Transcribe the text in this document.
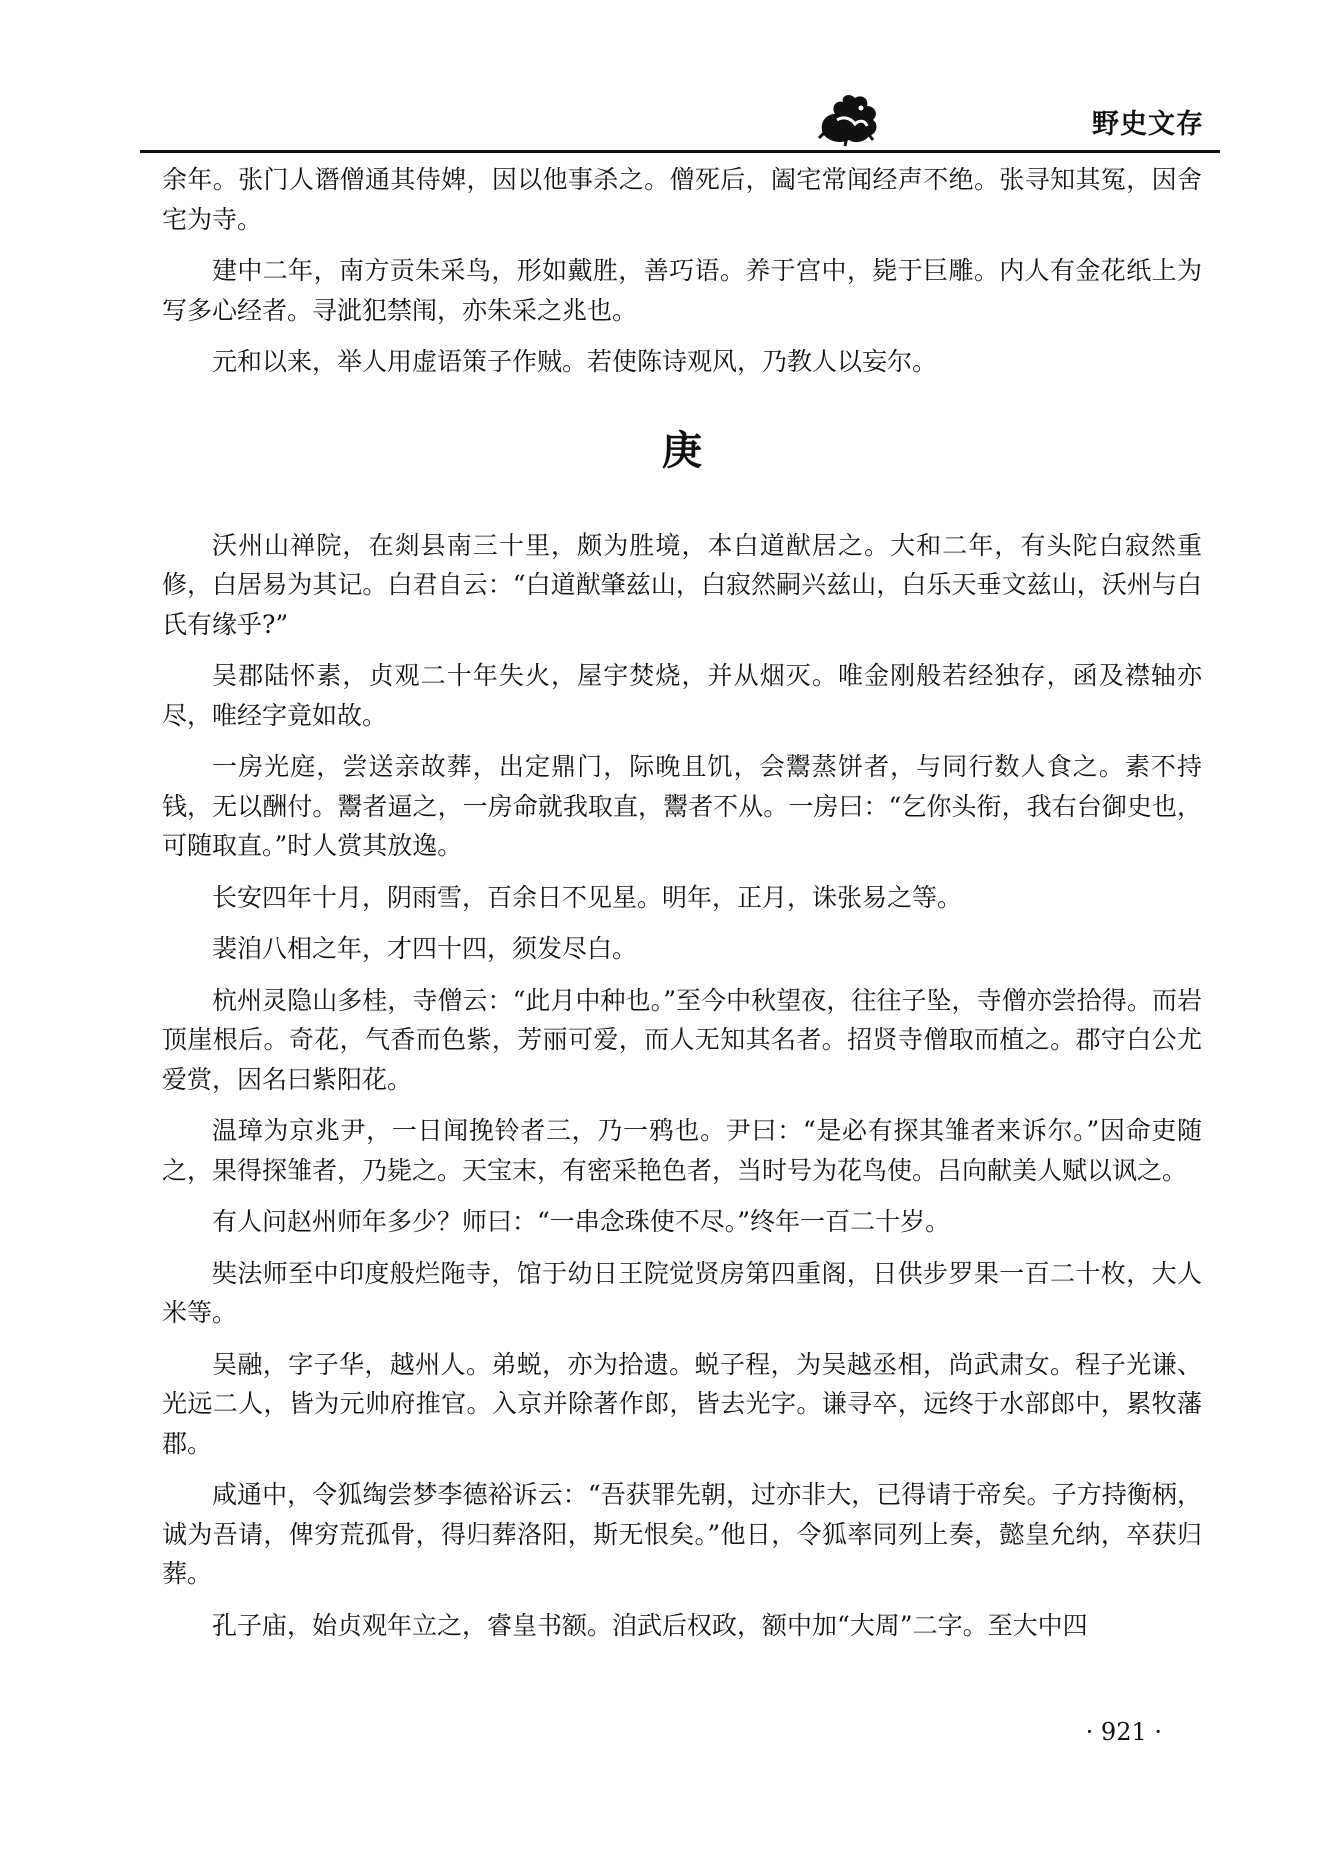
野史文存

余年。张门人谮僧通其侍婢，因以他事杀之。僧死后，阖宅常闻经声不绝。张寻知其冤，因舍宅为寺。

建中二年，南方贡朱采鸟，形如戴胜，善巧语。养于宫中，毙于巨雕。内人有金花纸上为写多心经者。寻泚犯禁闱，亦朱采之兆也。

元和以来，举人用虚语策子作贼。若使陈诗观风，乃教人以妄尔。

庚

沃州山禅院，在剡县南三十里，颇为胜境，本白道猷居之。大和二年，有头陀白寂然重修，白居易为其记。白君自云：“白道猷肇兹山，白寂然嗣兴兹山，白乐天垂文兹山，沃州与白氏有缘乎?”

吴郡陆怀素，贞观二十年失火，屋宇焚烧，并从烟灭。唯金刚般若经独存，函及襟轴亦尽，唯经字竟如故。

一房光庭，尝送亲故葬，出定鼎门，际晚且饥，会鬻蒸饼者，与同行数人食之。素不持钱，无以酬付。鬻者逼之，一房命就我取直，鬻者不从。一房曰：“乞你头衔，我右台御史也，可随取直。”时人赏其放逸。

长安四年十月，阴雨雪，百余日不见星。明年，正月，诛张易之等。

裴洎八相之年，才四十四，须发尽白。

杭州灵隐山多桂，寺僧云：“此月中种也。”至今中秋望夜，往往子坠，寺僧亦尝拾得。而岩顶崖根后。奇花，气香而色紫，芳丽可爱，而人无知其名者。招贤寺僧取而植之。郡守白公尤爱赏，因名曰紫阳花。

温璋为京兆尹，一日闻挽铃者三，乃一鸦也。尹曰：“是必有探其雏者来诉尔。”因命吏随之，果得探雏者，乃毙之。天宝末，有密采艳色者，当时号为花鸟使。吕向献美人赋以讽之。

有人问赵州师年多少？师曰：“一串念珠使不尽。”终年一百二十岁。

奘法师至中印度般烂陁寺，馆于幼日王院觉贤房第四重阁，日供步罗果一百二十枚，大人米等。

吴融，字子华，越州人。弟蜕，亦为拾遗。蜕子程，为吴越丞相，尚武肃女。程子光谦、光远二人，皆为元帅府推官。入京并除著作郎，皆去光字。谦寻卒，远终于水部郎中，累牧藩郡。

咸通中，令狐绹尝梦李德裕诉云：“吾获罪先朝，过亦非大，已得请于帝矣。子方持衡柄，诚为吾请，俾穷荒孤骨，得归葬洛阳，斯无恨矣。”他日，令狐率同列上奏，懿皇允纳，卒获归葬。

孔子庙，始贞观年立之，睿皇书额。洎武后权政，额中加“大周”二字。至大中四

· 921 ·
